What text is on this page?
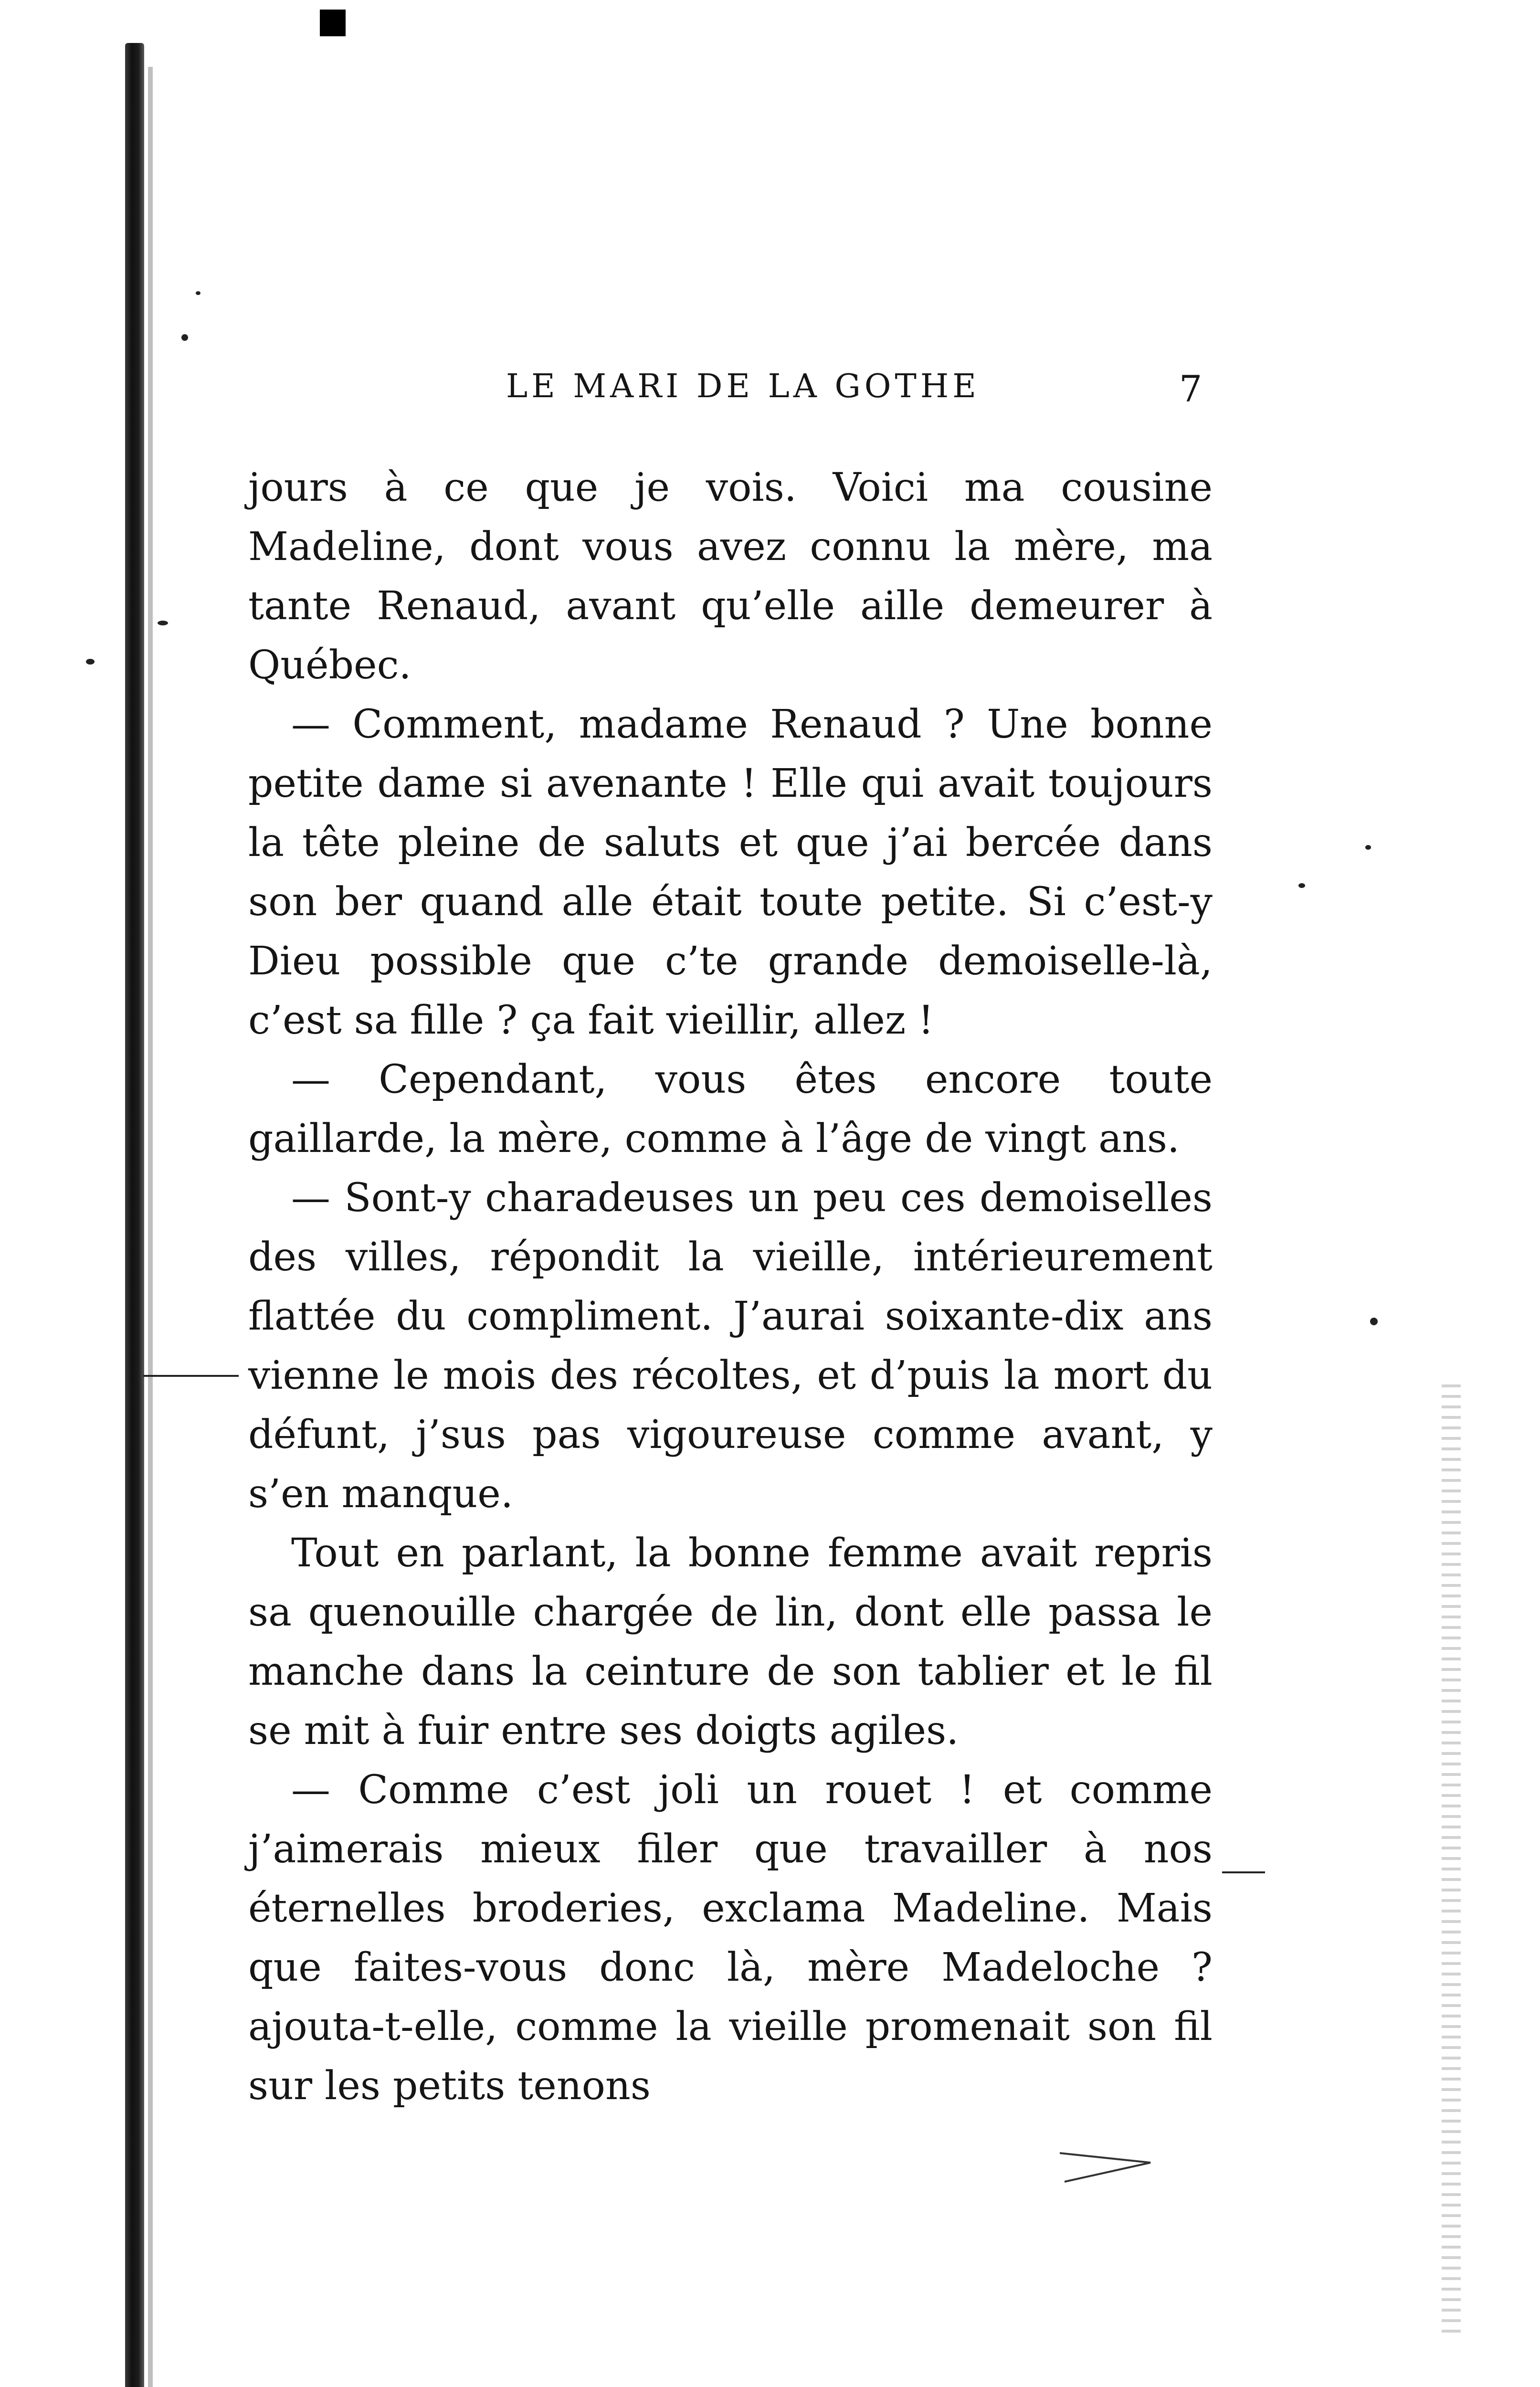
LE MARI DE LA GOTHE	7

jours à ce que je vois. Voici ma cousine Madeline, dont vous avez connu la mère, ma tante Renaud, avant qu’elle aille demeurer à Québec.

— Comment, madame Renaud ? Une bonne petite dame si avenante ! Elle qui avait toujours la tête pleine de saluts et que j’ai bercée dans son ber quand alle était toute petite. Si c’est-y Dieu possible que c’te grande demoiselle-là, c’est sa fille ? ça fait vieillir, allez !

— Cependant, vous êtes encore toute gaillarde, la mère, comme à l’âge de vingt ans.

— Sont-y charadeuses un peu ces demoiselles des villes, répondit la vieille, intérieurement flattée du compliment. J’aurai soixante-dix ans vienne le mois des récoltes, et d’puis la mort du défunt, j’sus pas vigoureuse comme avant, y s’en manque.

Tout en parlant, la bonne femme avait repris sa quenouille chargée de lin, dont elle passa le manche dans la ceinture de son tablier et le fil se mit à fuir entre ses doigts agiles.

— Comme c’est joli un rouet ! et comme j’aimerais mieux filer que travailler à nos éternelles broderies, exclama Madeline. Mais que faites-vous donc là, mère Madeloche ? ajouta-t-elle, comme la vieille promenait son fil sur les petits tenons
